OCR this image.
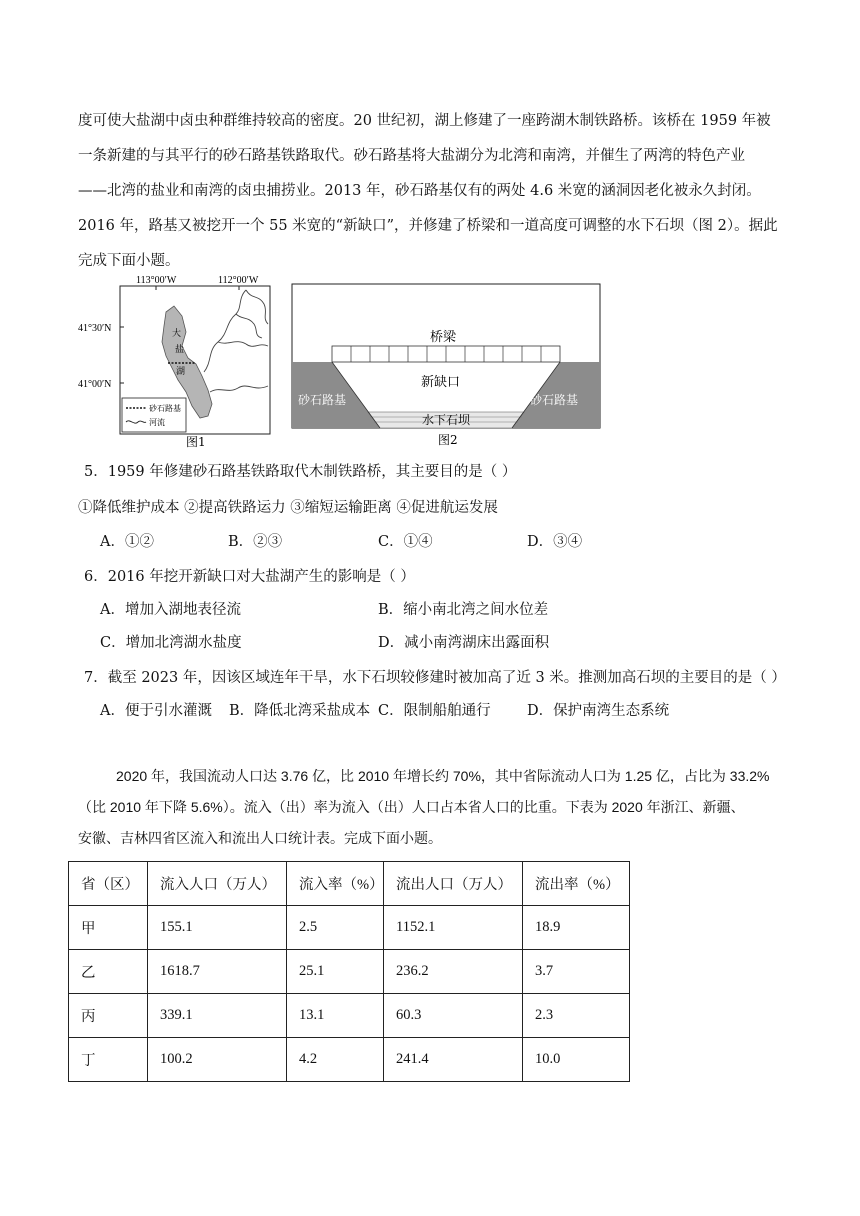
度可使大盐湖中卤虫种群维持较高的密度。20 世纪初，湖上修建了一座跨湖木制铁路桥。该桥在 1959 年被
一条新建的与其平行的砂石路基铁路取代。砂石路基将大盐湖分为北湾和南湾，并催生了两湾的特色产业
——北湾的盐业和南湾的卤虫捕捞业。2013 年，砂石路基仅有的两处 4.6 米宽的涵洞因老化被永久封闭。
2016 年，路基又被挖开一个 55 米宽的“新缺口”，并修建了桥梁和一道高度可调整的水下石坝（图 2）。据此
完成下面小题。
113°00′W	112°00′W
41°30′N
41°00′N
大
盐
湖
砂石路基
河流
图1
桥梁
新缺口
砂石路基	砂石路基
水下石坝
图2
5．1959 年修建砂石路基铁路取代木制铁路桥，其主要目的是（ ）
①降低维护成本 ②提高铁路运力 ③缩短运输距离 ④促进航运发展
A．①②	B．②③	C．①④	D．③④
6．2016 年挖开新缺口对大盐湖产生的影响是（ ）
A．增加入湖地表径流	B．缩小南北湾之间水位差
C．增加北湾湖水盐度	D．减小南湾湖床出露面积
7．截至 2023 年，因该区域连年干旱，水下石坝较修建时被加高了近 3 米。推测加高石坝的主要目的是（ ）
A．便于引水灌溉 B．降低北湾采盐成本 C．限制船舶通行	D．保护南湾生态系统
2020 年，我国流动人口达 3.76 亿，比 2010 年增长约 70%，其中省际流动人口为 1.25 亿，占比为 33.2%
（比 2010 年下降 5.6%）。流入（出）率为流入（出）人口占本省人口的比重。下表为 2020 年浙江、新疆、
安徽、吉林四省区流入和流出人口统计表。完成下面小题。
省（区）	流入人口（万人）	流入率（%）	流出人口（万人）	流出率（%）
甲	155.1	2.5	1152.1	18.9
乙	1618.7	25.1	236.2	3.7
丙	339.1	13.1	60.3	2.3
丁	100.2	4.2	241.4	10.0
